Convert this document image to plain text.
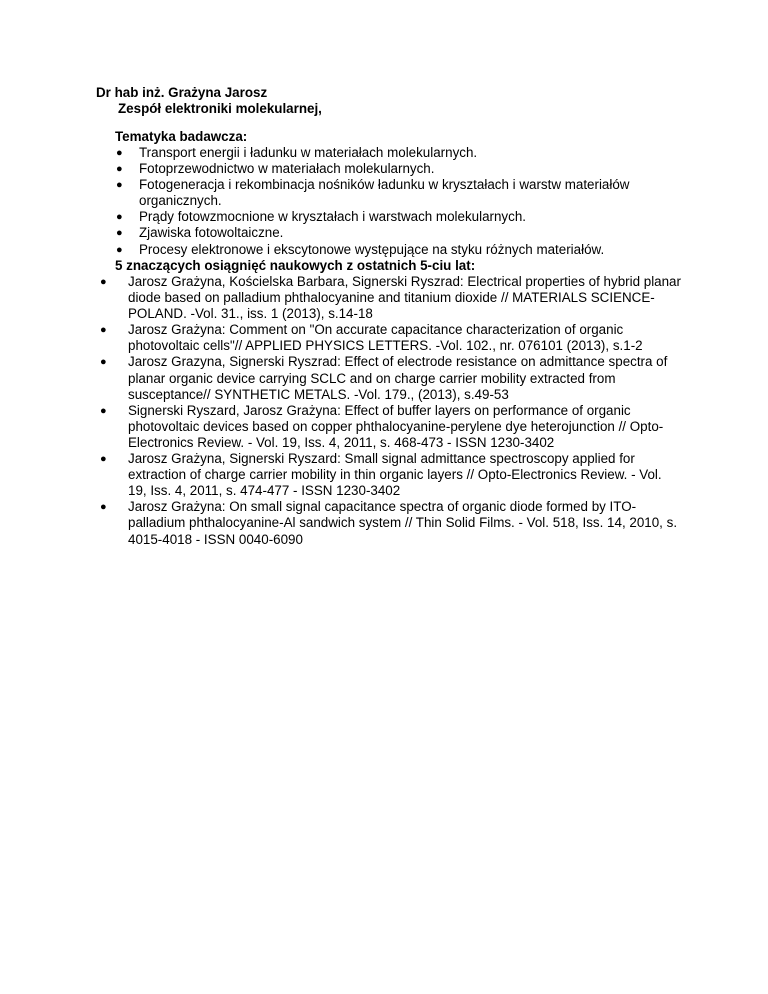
Dr hab inż. Grażyna Jarosz
Zespół elektroniki molekularnej,
Tematyka badawcza:
● Transport energii i ładunku w materiałach molekularnych.
● Fotoprzewodnictwo w materiałach molekularnych.
● Fotogeneracja i rekombinacja nośników ładunku w kryształach i warstw materiałów organicznych.
● Prądy fotowzmocnione w kryształach i warstwach molekularnych.
● Zjawiska fotowoltaiczne.
● Procesy elektronowe i ekscytonowe występujące na styku różnych materiałów.
5 znaczących osiągnięć naukowych z ostatnich 5-ciu lat:
● Jarosz Grażyna, Kościelska Barbara, Signerski Ryszrad: Electrical properties of hybrid planar diode based on palladium phthalocyanine and titanium dioxide // MATERIALS SCIENCE-POLAND. -Vol. 31., iss. 1 (2013), s.14-18
● Jarosz Grażyna: Comment on "On accurate capacitance characterization of organic photovoltaic cells"// APPLIED PHYSICS LETTERS. -Vol. 102., nr. 076101 (2013), s.1-2
● Jarosz Grazyna, Signerski Ryszrad: Effect of electrode resistance on admittance spectra of planar organic device carrying SCLC and on charge carrier mobility extracted from susceptance// SYNTHETIC METALS. -Vol. 179., (2013), s.49-53
● Signerski Ryszard, Jarosz Grażyna: Effect of buffer layers on performance of organic photovoltaic devices based on copper phthalocyanine-perylene dye heterojunction // Opto-Electronics Review. - Vol. 19, Iss. 4, 2011, s. 468-473 - ISSN 1230-3402
● Jarosz Grażyna, Signerski Ryszard: Small signal admittance spectroscopy applied for extraction of charge carrier mobility in thin organic layers // Opto-Electronics Review. - Vol. 19, Iss. 4, 2011, s. 474-477 - ISSN 1230-3402
● Jarosz Grażyna: On small signal capacitance spectra of organic diode formed by ITO-palladium phthalocyanine-Al sandwich system // Thin Solid Films. - Vol. 518, Iss. 14, 2010, s. 4015-4018 - ISSN 0040-6090
